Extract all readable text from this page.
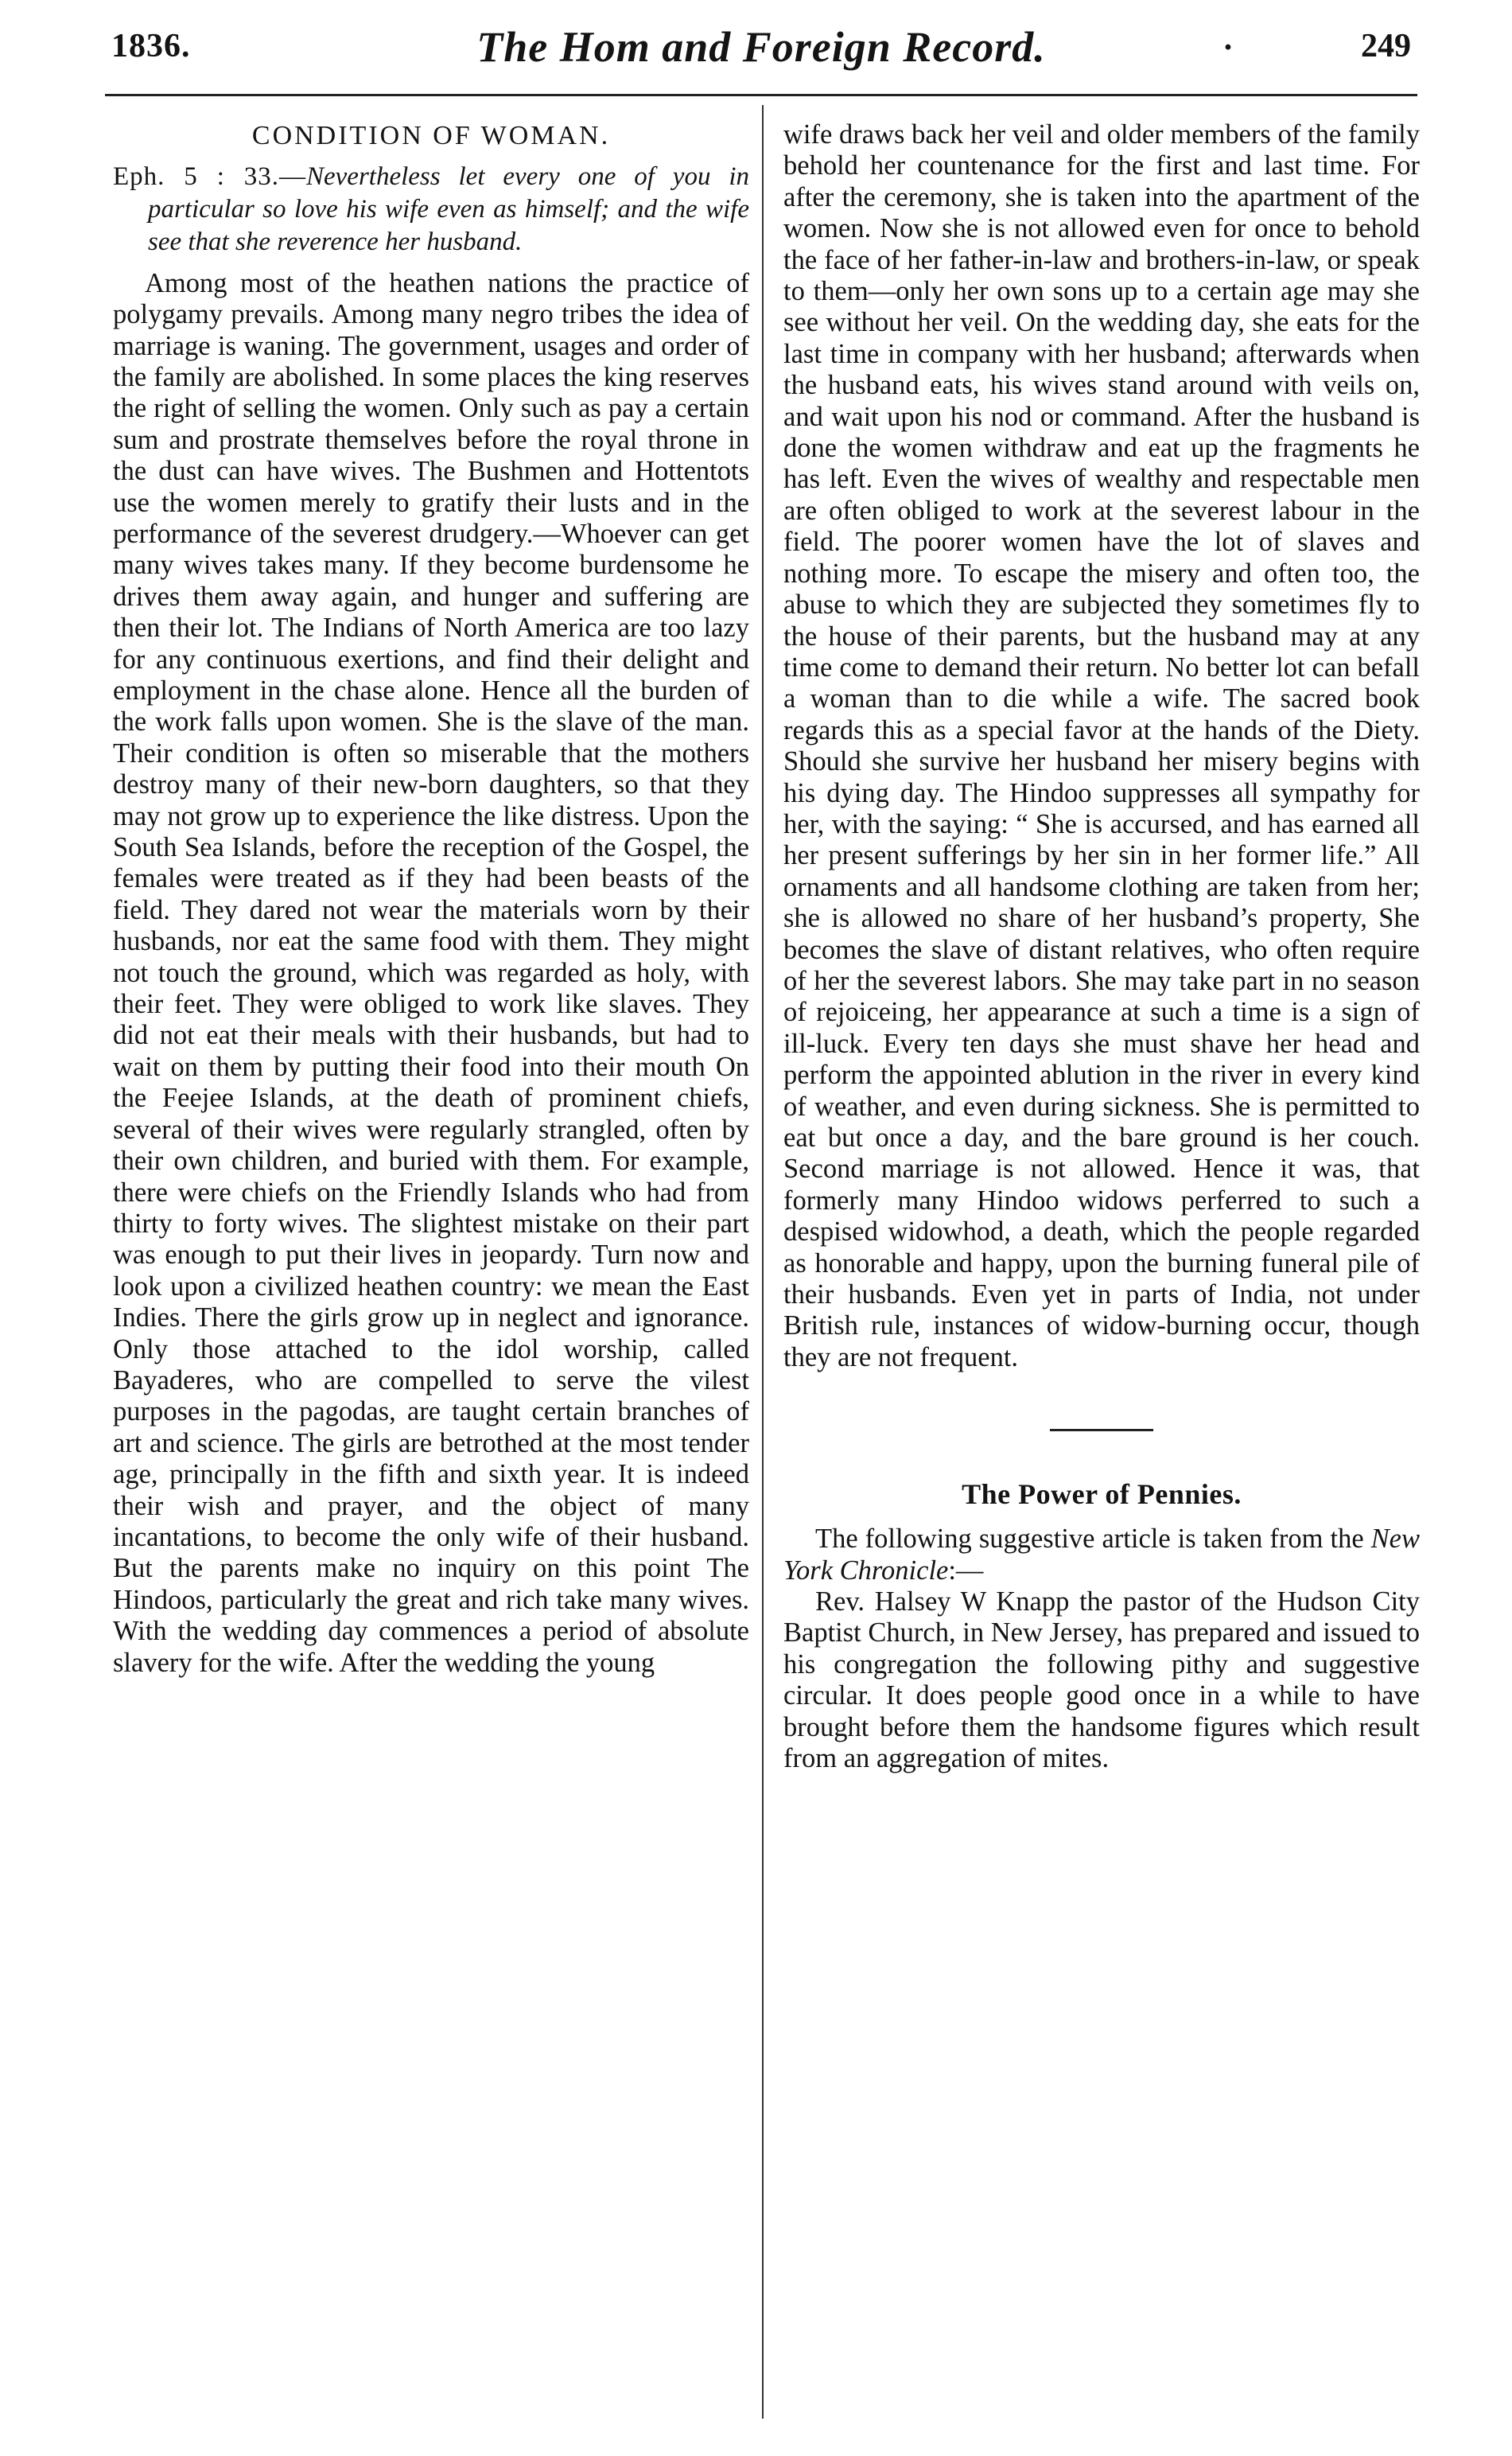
1836.	The Hom and Foreign Record.	·	249
CONDITION OF WOMAN.

Eph. 5 : 33.—Nevertheless let every one of you in particular so love his wife even as himself; and the wife see that she reverence her husband.

Among most of the heathen nations the practice of polygamy prevails. Among many negro tribes the idea of marriage is waning. The government, usages and order of the family are abolished. In some places the king reserves the right of selling the women. Only such as pay a certain sum and prostrate themselves before the royal throne in the dust can have wives. The Bushmen and Hottentots use the women merely to gratify their lusts and in the performance of the severest drudgery.—Whoever can get many wives takes many. If they become burdensome he drives them away again, and hunger and suffering are then their lot. The Indians of North America are too lazy for any continuous exertions, and find their delight and employment in the chase alone. Hence all the burden of the work falls upon women. She is the slave of the man. Their condition is often so miserable that the mothers destroy many of their new-born daughters, so that they may not grow up to experience the like distress. Upon the South Sea Islands, before the reception of the Gospel, the females were treated as if they had been beasts of the field. They dared not wear the materials worn by their husbands, nor eat the same food with them. They might not touch the ground, which was regarded as holy, with their feet. They were obliged to work like slaves. They did not eat their meals with their husbands, but had to wait on them by putting their food into their mouth On the Feejee Islands, at the death of prominent chiefs, several of their wives were regularly strangled, often by their own children, and buried with them. For example, there were chiefs on the Friendly Islands who had from thirty to forty wives. The slightest mistake on their part was enough to put their lives in jeopardy. Turn now and look upon a civilized heathen country: we mean the East Indies. There the girls grow up in neglect and ignorance. Only those attached to the idol worship, called Bayaderes, who are compelled to serve the vilest purposes in the pagodas, are taught certain branches of art and science. The girls are betrothed at the most tender age, principally in the fifth and sixth year. It is indeed their wish and prayer, and the object of many incantations, to become the only wife of their husband. But the parents make no inquiry on this point The Hindoos, particularly the great and rich take many wives. With the wedding day commences a period of absolute slavery for the wife. After the wedding the young

wife draws back her veil and older members of the family behold her countenance for the first and last time. For after the ceremony, she is taken into the apartment of the women. Now she is not allowed even for once to behold the face of her father-in-law and brothers-in-law, or speak to them—only her own sons up to a certain age may she see without her veil. On the wedding day, she eats for the last time in company with her husband; afterwards when the husband eats, his wives stand around with veils on, and wait upon his nod or command. After the husband is done the women withdraw and eat up the fragments he has left. Even the wives of wealthy and respectable men are often obliged to work at the severest labour in the field. The poorer women have the lot of slaves and nothing more. To escape the misery and often too, the abuse to which they are subjected they sometimes fly to the house of their parents, but the husband may at any time come to demand their return. No better lot can befall a woman than to die while a wife. The sacred book regards this as a special favor at the hands of the Diety. Should she survive her husband her misery begins with his dying day. The Hindoo suppresses all sympathy for her, with the saying: “ She is accursed, and has earned all her present sufferings by her sin in her former life.” All ornaments and all handsome clothing are taken from her; she is allowed no share of her husband’s property, She becomes the slave of distant relatives, who often require of her the severest labors. She may take part in no season of rejoiceing, her appearance at such a time is a sign of ill-luck. Every ten days she must shave her head and perform the appointed ablution in the river in every kind of weather, and even during sickness. She is permitted to eat but once a day, and the bare ground is her couch. Second marriage is not allowed. Hence it was, that formerly many Hindoo widows perferred to such a despised widowhod, a death, which the people regarded as honorable and happy, upon the burning funeral pile of their husbands. Even yet in parts of India, not under British rule, instances of widow-burning occur, though they are not frequent.

The Power of Pennies.

The following suggestive article is taken from the New York Chronicle:—

Rev. Halsey W Knapp the pastor of the Hudson City Baptist Church, in New Jersey, has prepared and issued to his congregation the following pithy and suggestive circular. It does people good once in a while to have brought before them the handsome figures which result from an aggregation of mites.
